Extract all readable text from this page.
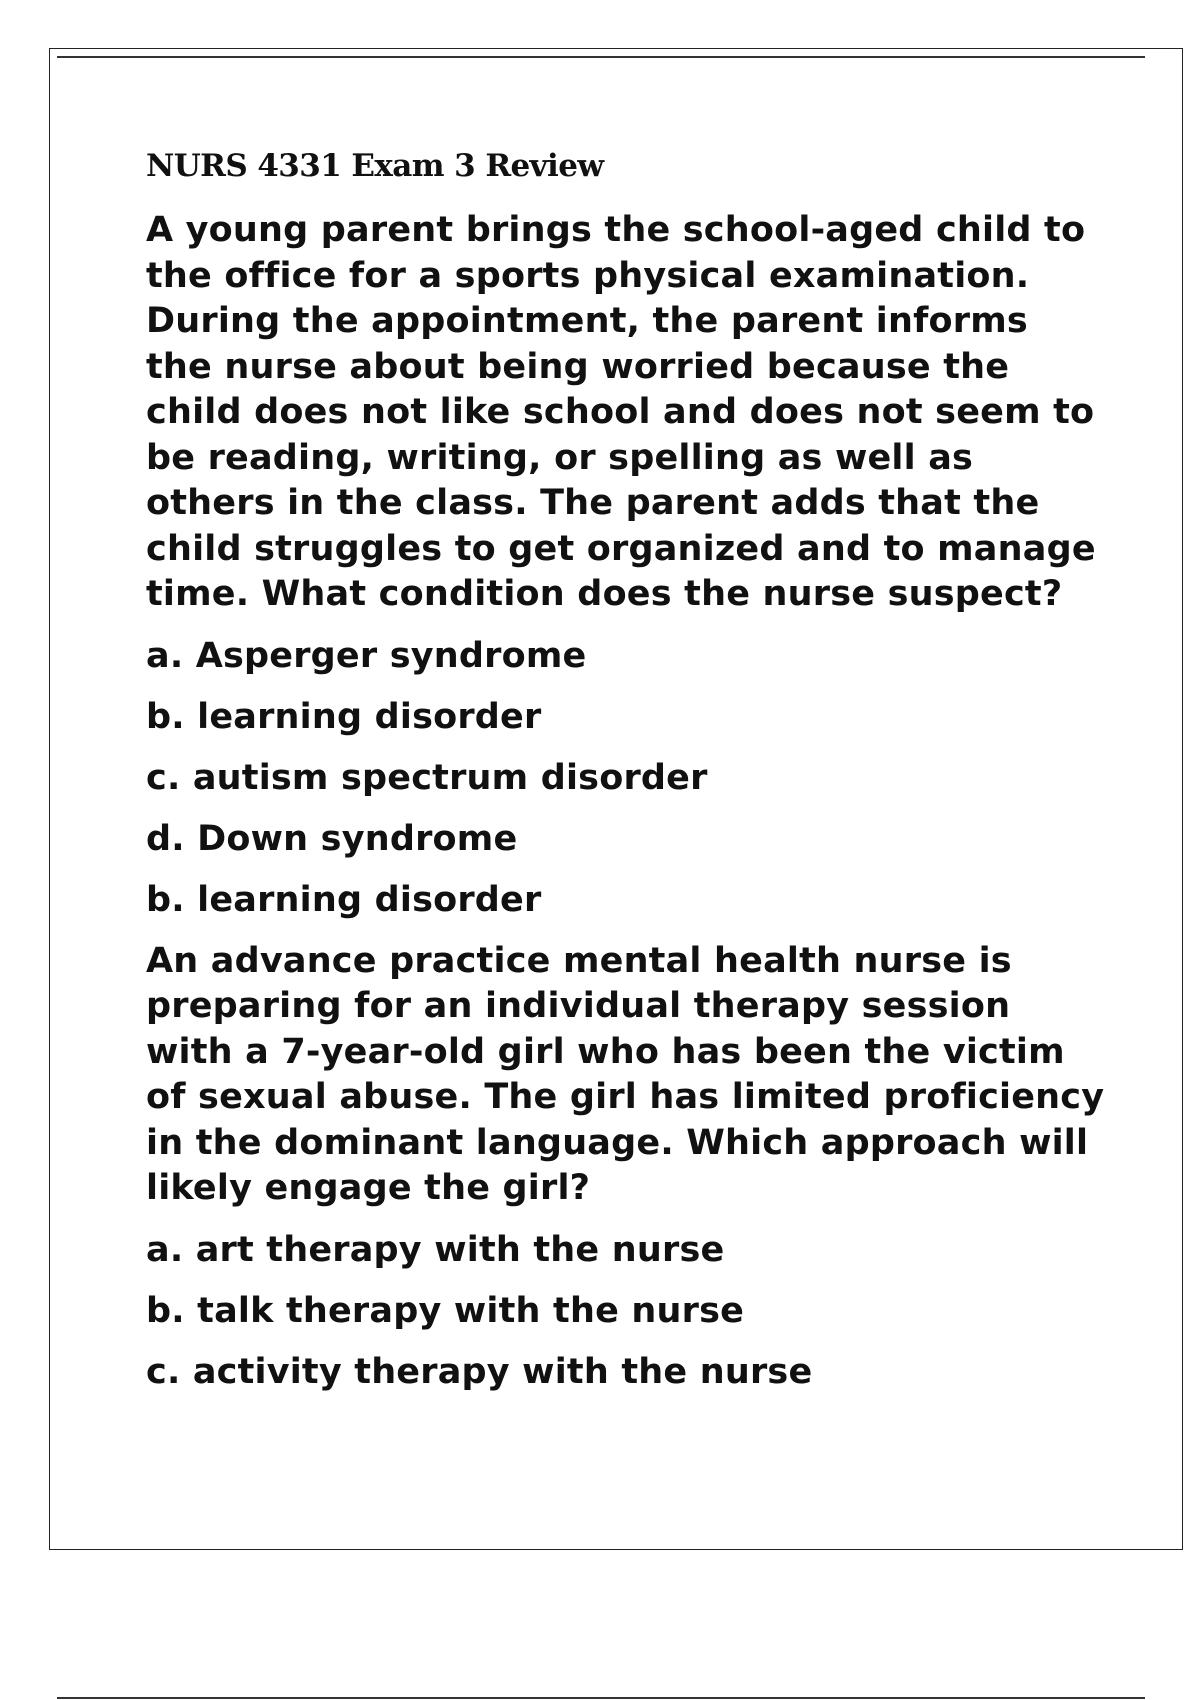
NURS 4331 Exam 3 Review
A young parent brings the school-aged child to the office for a sports physical examination. During the appointment, the parent informs the nurse about being worried because the child does not like school and does not seem to be reading, writing, or spelling as well as others in the class. The parent adds that the child struggles to get organized and to manage time. What condition does the nurse suspect?
a. Asperger syndrome
b. learning disorder
c. autism spectrum disorder
d. Down syndrome
b. learning disorder
An advance practice mental health nurse is preparing for an individual therapy session with a 7-year-old girl who has been the victim of sexual abuse. The girl has limited proficiency in the dominant language. Which approach will likely engage the girl?
a. art therapy with the nurse
b. talk therapy with the nurse
c. activity therapy with the nurse
